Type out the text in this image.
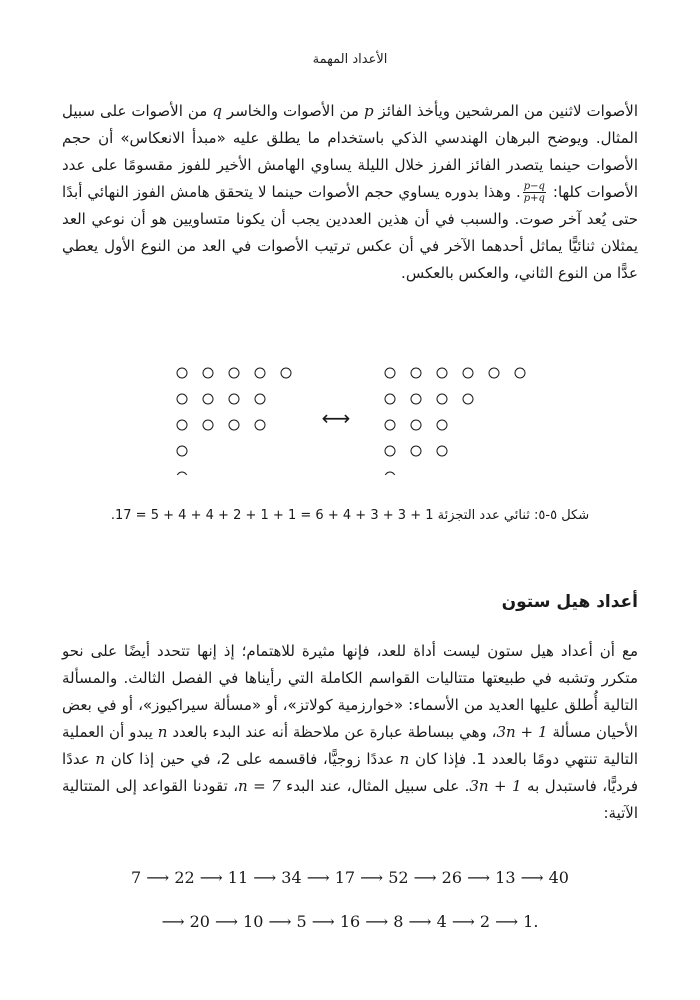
الأعداد المهمة

الأصوات لاثنين من المرشحين ويأخذ الفائز p من الأصوات والخاسر q من الأصوات على سبيل المثال. ويوضح البرهان الهندسي الذكي باستخدام ما يطلق عليه «مبدأ الانعكاس» أن حجم الأصوات حينما يتصدر الفائز الفرز خلال الليلة يساوي الهامش الأخير للفوز مقسومًا على عدد الأصوات كلها:
$\frac{p-q}{p+q}$
. وهذا بدوره يساوي حجم الأصوات حينما لا يتحقق هامش الفوز النهائي أبدًا حتى يُعد آخر صوت. والسبب في أن هذين العددين يجب أن يكونا متساويين هو أن نوعي العد يمثلان ثنائيًّا يماثل أحدهما الآخر في أن عكس ترتيب الأصوات في العد من النوع الأول يعطي عدًّا من النوع الثاني، والعكس بالعكس.

⟷
شكل ٥-٥: ثنائي عدد التجزئة 1 + 3 + 3 + 4 + 6 = 1 + 1 + 2 + 4 + 4 + 5 = 17.
أعداد هيل ستون

مع أن أعداد هيل ستون ليست أداة للعد، فإنها مثيرة للاهتمام؛ إذ إنها تتحدد أيضًا على نحو متكرر وتشبه في طبيعتها متتاليات القواسم الكاملة التي رأيناها في الفصل الثالث. والمسألة التالية أُطلق عليها العديد من الأسماء: «خوارزمية كولاتز»، أو «مسألة سيراكيوز»، أو في بعض الأحيان مسألة 3n + 1، وهي ببساطة عبارة عن ملاحظة أنه عند البدء بالعدد n يبدو أن العملية التالية تنتهي دومًا بالعدد 1. فإذا كان n عددًا زوجيًّا، فاقسمه على 2، في حين إذا كان n عددًا فرديًّا، فاستبدل به 3n + 1. على سبيل المثال، عند البدء n = 7، تقودنا القواعد إلى المتتالية الآتية:

7 ⟶ 22 ⟶ 11 ⟶ 34 ⟶ 17 ⟶ 52 ⟶ 26 ⟶ 13 ⟶ 40
⟶ 20 ⟶ 10 ⟶ 5 ⟶ 16 ⟶ 8 ⟶ 4 ⟶ 2 ⟶ 1.
